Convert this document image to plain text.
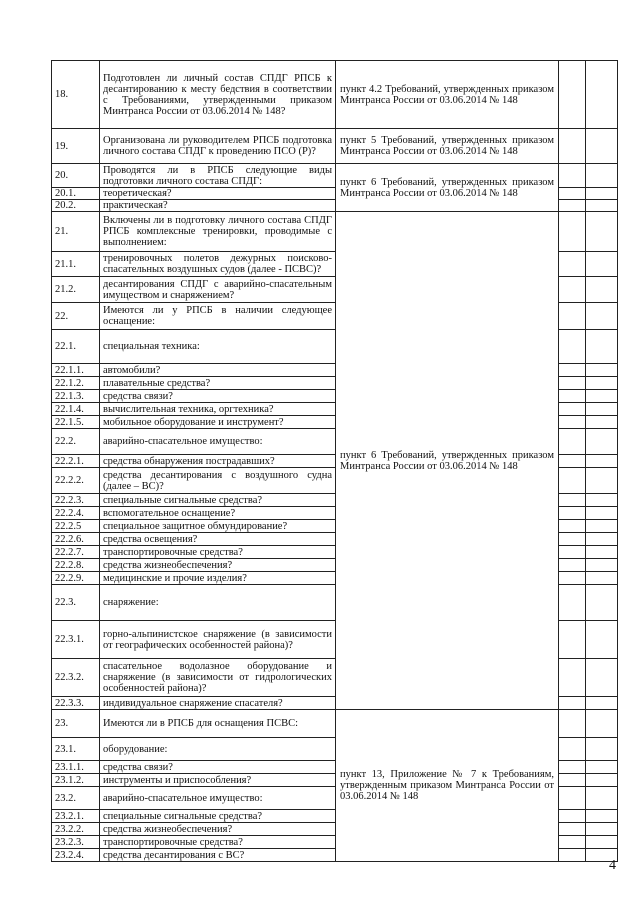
18.	Подготовлен ли личный состав СПДГ РПСБ к десантированию к месту бедствия в соответствии с Требованиями, утвержденными приказом Минтранса России от 03.06.2014 № 148?	пункт 4.2 Требований, утвержденных приказом Минтранса России от 03.06.2014 № 148		
19.	Организована ли руководителем РПСБ подготовка личного состава СПДГ к проведению ПСО (Р)?	пункт 5 Требований, утвержденных приказом Минтранса России от 03.06.2014 № 148		
20.	Проводятся ли в РПСБ следующие виды подготовки личного состава СПДГ:	пункт 6 Требований, утвержденных приказом Минтранса России от 03.06.2014 № 148		
20.1.	теоретическая?			
20.2.	практическая?			
21.	Включены ли в подготовку личного состава СПДГ РПСБ комплексные тренировки, проводимые с выполнением:	пункт 6 Требований, утвержденных приказом Минтранса России от 03.06.2014 № 148		
21.1.	тренировочных полетов дежурных поисково-спасательных воздушных судов (далее - ПСВС)?			
21.2.	десантирования СПДГ с аварийно-спасательным имуществом и снаряжением?			
22.	Имеются ли у РПСБ в наличии следующее оснащение:			
22.1.	специальная техника:			
22.1.1.	автомобили?			
22.1.2.	плавательные средства?			
22.1.3.	средства связи?			
22.1.4.	вычислительная техника, оргтехника?			
22.1.5.	мобильное оборудование и инструмент?			
22.2.	аварийно-спасательное имущество:			
22.2.1.	средства обнаружения пострадавших?			
22.2.2.	средства десантирования с воздушного судна (далее – ВС)?			
22.2.3.	специальные сигнальные средства?			
22.2.4.	вспомогательное оснащение?			
22.2.5	специальное защитное обмундирование?			
22.2.6.	средства освещения?			
22.2.7.	транспортировочные средства?			
22.2.8.	средства жизнеобеспечения?			
22.2.9.	медицинские и прочие изделия?			
22.3.	снаряжение:			
22.3.1.	горно-альпинистское снаряжение (в зависимости от географических особенностей района)?			
22.3.2.	спасательное водолазное оборудование и снаряжение (в зависимости от гидрологических особенностей района)?			
22.3.3.	индивидуальное снаряжение спасателя?			
23.	Имеются ли в РПСБ для оснащения ПСВС:	пункт 13, Приложение № 7 к Требованиям, утвержденным приказом Минтранса России от 03.06.2014 № 148		
23.1.	оборудование:			
23.1.1.	средства связи?			
23.1.2.	инструменты и приспособления?			
23.2.	аварийно-спасательное имущество:			
23.2.1.	специальные сигнальные средства?			
23.2.2.	средства жизнеобеспечения?			
23.2.3.	транспортировочные средства?			
23.2.4.	средства десантирования с ВС?			
4
